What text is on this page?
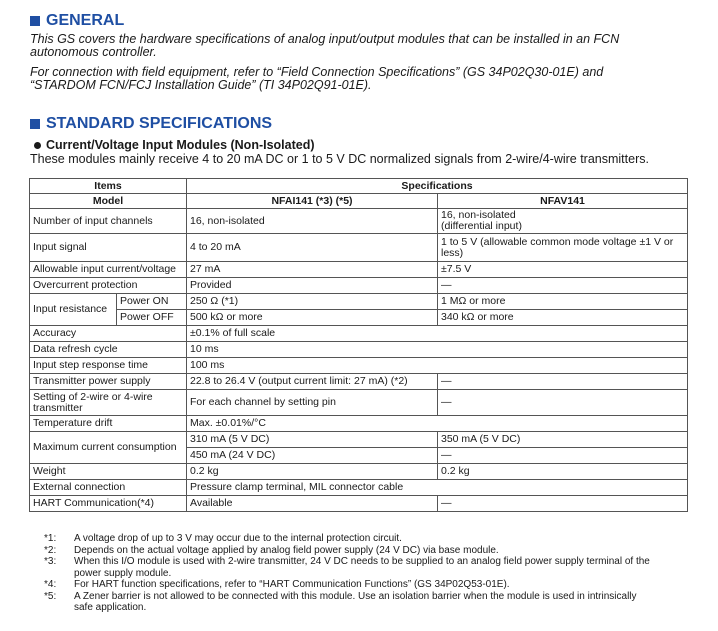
GENERAL
This GS covers the hardware specifications of analog input/output modules that can be installed in an FCN autonomous controller.
For connection with field equipment, refer to “Field Connection Specifications” (GS 34P02Q30-01E) and “STARDOM FCN/FCJ Installation Guide” (TI 34P02Q91-01E).
STANDARD SPECIFICATIONS
Current/Voltage Input Modules (Non-Isolated)
These modules mainly receive 4 to 20 mA DC or 1 to 5 V DC normalized signals from 2-wire/4-wire transmitters.
Items		Specifications	
Model		NFAI141 (*3) (*5)	NFAV141
Number of input channels		16, non-isolated	16, non-isolated
(differential input)
Input signal		4 to 20 mA	1 to 5 V (allowable common mode voltage ±1 V or less)
Allowable input current/voltage		27 mA	±7.5 V
Overcurrent protection		Provided	—
Input resistance	Power ON	250 Ω (*1)	1 MΩ or more
	Power OFF	500 kΩ or more	340 kΩ or more
Accuracy		±0.1% of full scale	
Data refresh cycle		10 ms	
Input step response time		100 ms	
Transmitter power supply		22.8 to 26.4 V (output current limit: 27 mA) (*2)	—
Setting of 2-wire or 4-wire transmitter		For each channel by setting pin	—
Temperature drift		Max. ±0.01%/°C	
Maximum current consumption		310 mA (5 V DC)	350 mA (5 V DC)
		450 mA (24 V DC)	—
Weight		0.2 kg	0.2 kg
External connection		Pressure clamp terminal, MIL connector cable	
HART Communication(*4)		Available	—
*1:	A voltage drop of up to 3 V may occur due to the internal protection circuit.
*2:	Depends on the actual voltage applied by analog field power supply (24 V DC) via base module.
*3:	When this I/O module is used with 2-wire transmitter, 24 V DC needs to be supplied to an analog field power supply terminal of the power supply module.
*4:	For HART function specifications, refer to “HART Communication Functions” (GS 34P02Q53-01E).
*5:	A Zener barrier is not allowed to be connected with this module. Use an isolation barrier when the module is used in intrinsically safe application.
